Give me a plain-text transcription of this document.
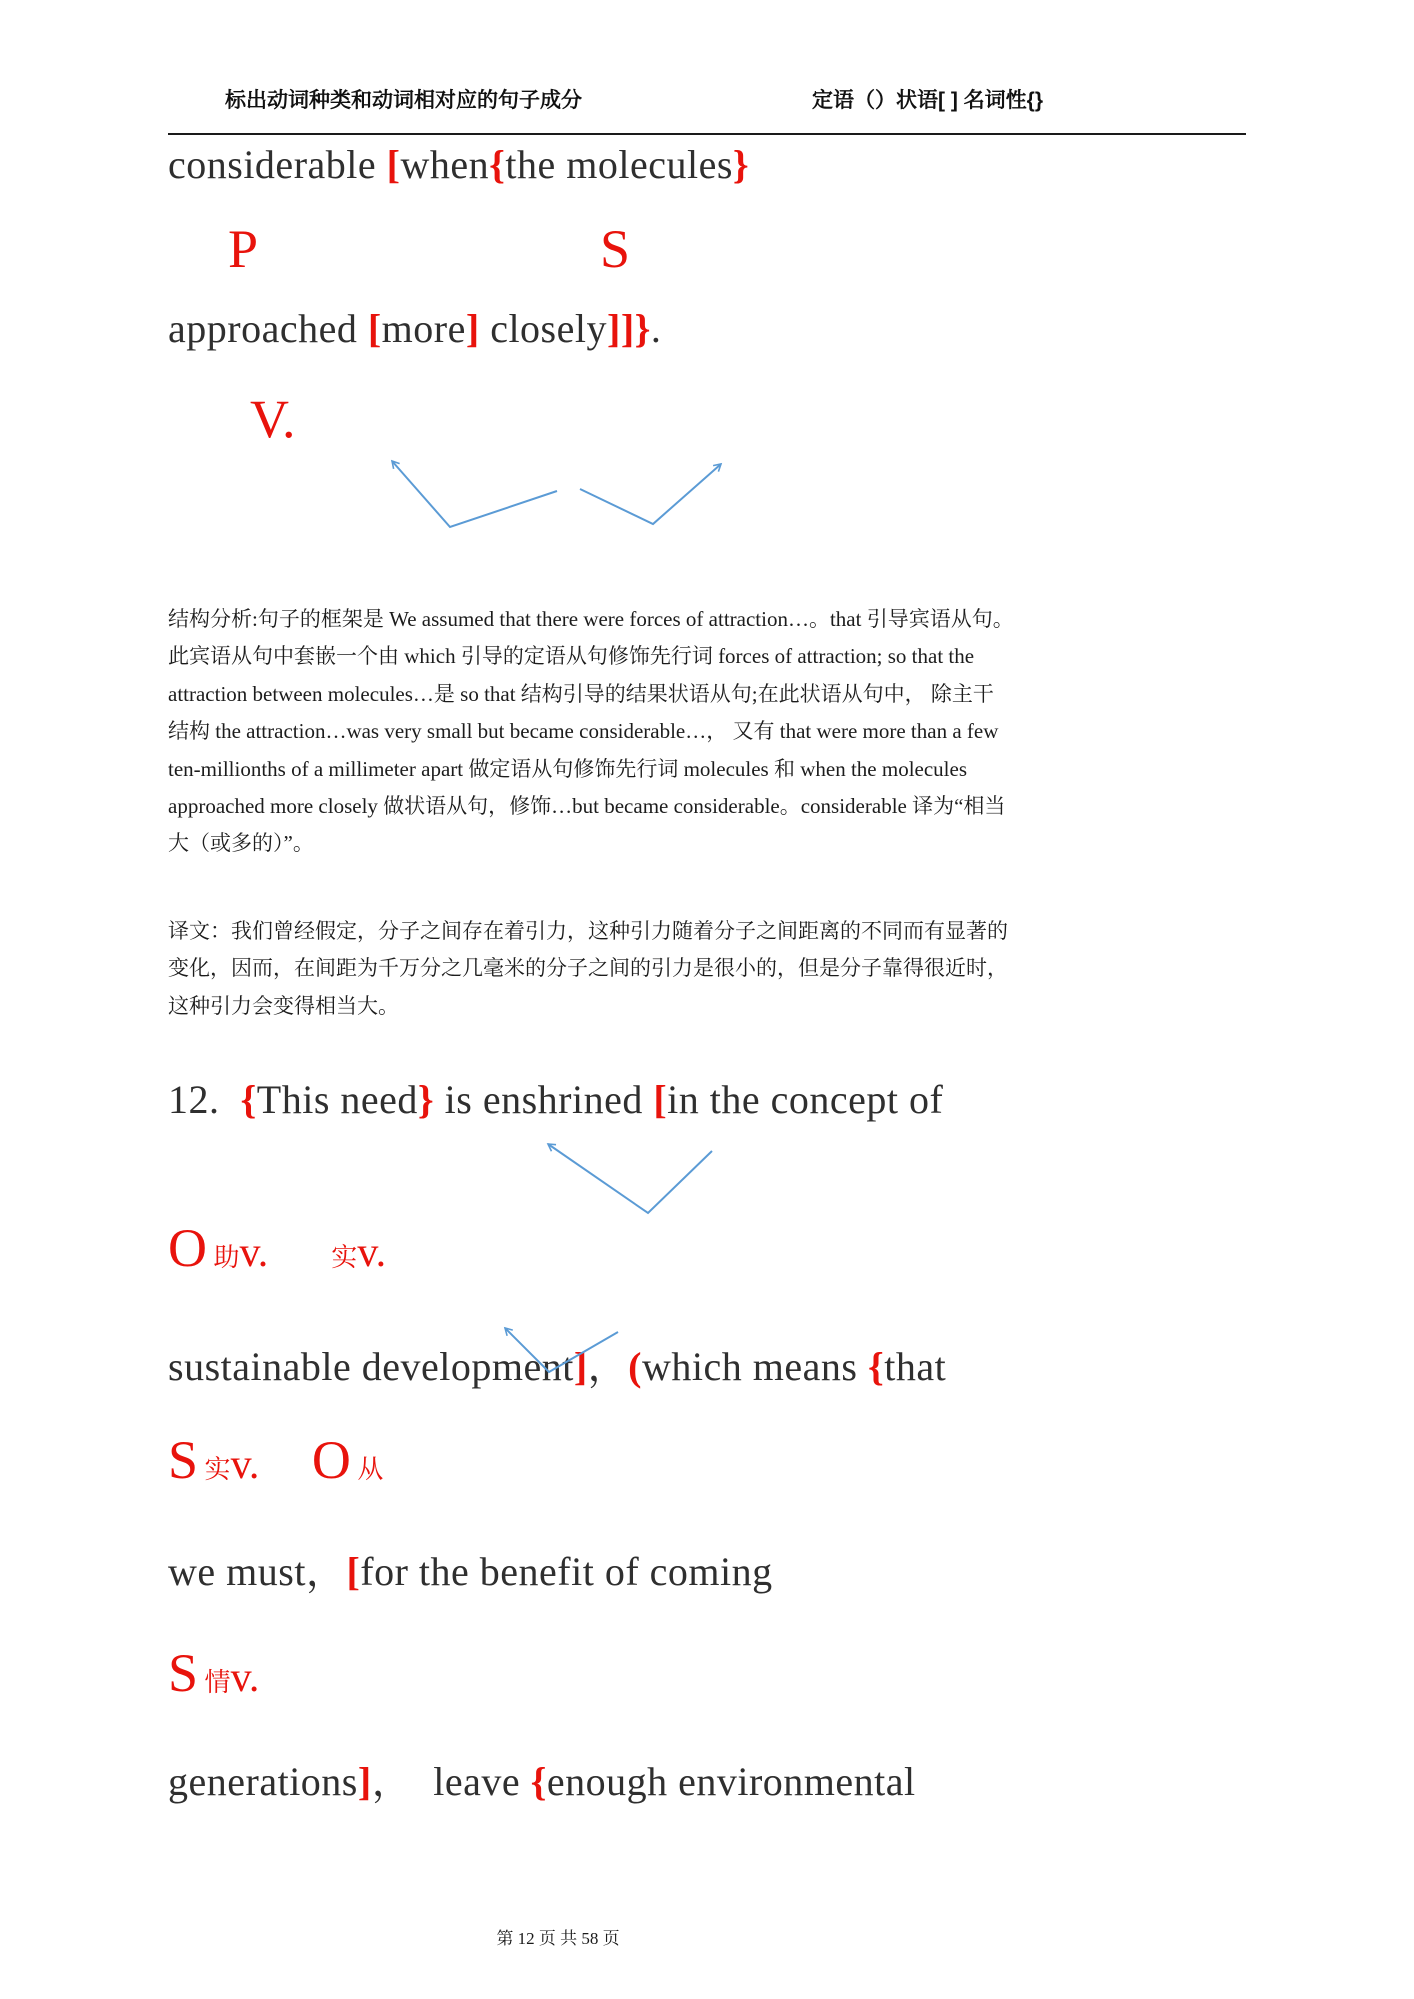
标出动词种类和动词相对应的句子成分	定语（）状语[ ] 名词性{}
considerable [when{the molecules}
P	S
approached [more] closely]]}.
V.
结构分析:句子的框架是 We assumed that there were forces of attraction…。that 引导宾语从句。
此宾语从句中套嵌一个由 which 引导的定语从句修饰先行词 forces of attraction; so that the
attraction between molecules…是 so that 结构引导的结果状语从句;在此状语从句中， 除主干
结构 the attraction…was very small but became considerable…， 又有 that were more than a few
ten-millionths of a millimeter apart 做定语从句修饰先行词 molecules 和 when the molecules
approached more closely 做状语从句，修饰…but became considerable。considerable 译为“相当
大（或多的）”。
译文：我们曾经假定，分子之间存在着引力，这种引力随着分子之间距离的不同而有显著的
变化，因而，在间距为千万分之几毫米的分子之间的引力是很小的，但是分子靠得很近时，
这种引力会变得相当大。
12.  {This need} is enshrined [in the concept of
O 助v. 实v.
sustainable development]，(which means {that
S 实v. O 从
we must，[for the benefit of coming
S 情v.
generations]，  leave {enough environmental
第 12 页 共 58 页
